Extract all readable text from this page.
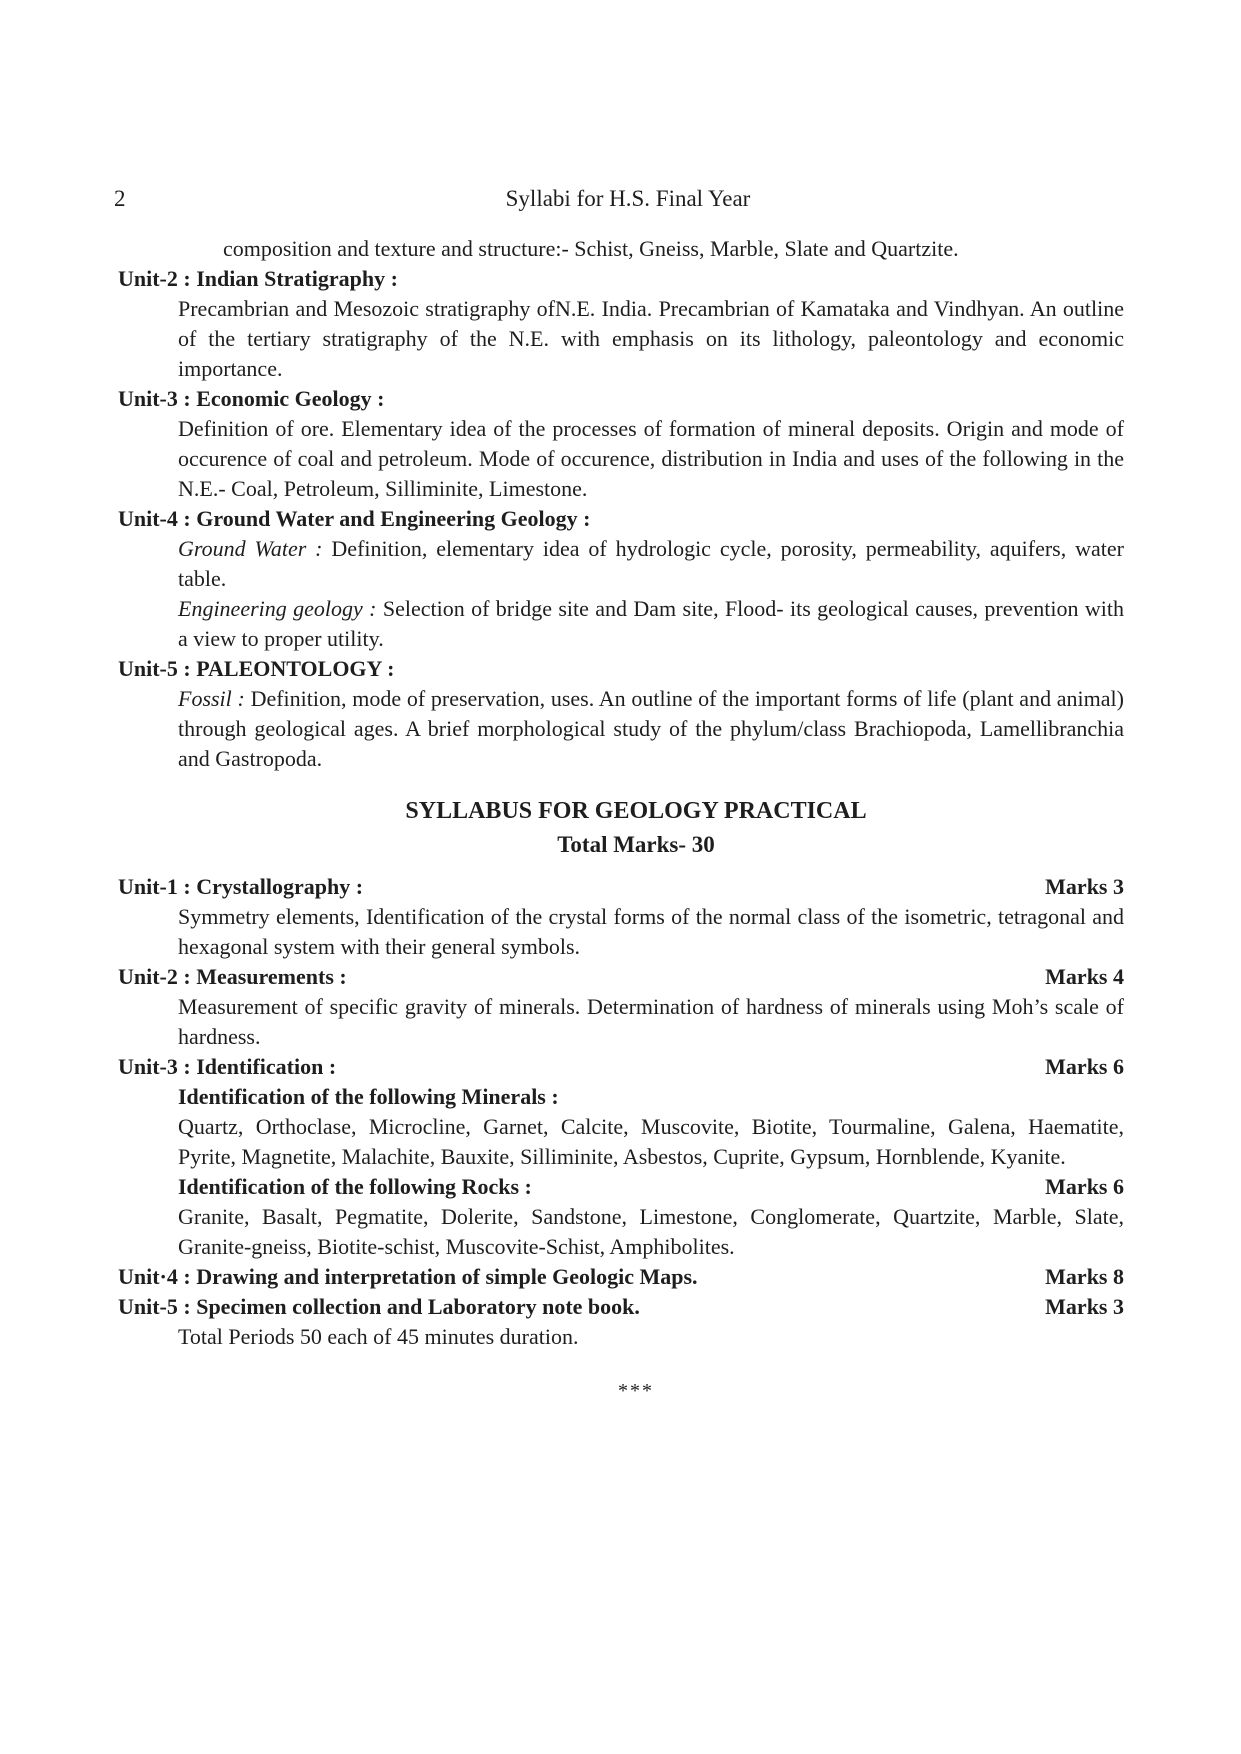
2	Syllabi for H.S. Final Year
composition and texture and structure:- Schist, Gneiss, Marble, Slate and Quartzite.
Unit-2 : Indian Stratigraphy :
Precambrian and Mesozoic stratigraphy ofN.E. India. Precambrian of Kamataka and Vindhyan. An outline of the tertiary stratigraphy of the N.E. with emphasis on its lithology, paleontology and economic importance.
Unit-3 : Economic Geology :
Definition of ore. Elementary idea of the processes of formation of mineral deposits. Origin and mode of occurence of coal and petroleum. Mode of occurence, distribution in India and uses of the following in the N.E.- Coal, Petroleum, Silliminite, Limestone.
Unit-4 : Ground Water and Engineering Geology :
Ground Water : Definition, elementary idea of hydrologic cycle, porosity, permeability, aquifers, water table.
Engineering geology : Selection of bridge site and Dam site, Flood- its geological causes, prevention with a view to proper utility.
Unit-5 : PALEONTOLOGY :
Fossil : Definition, mode of preservation, uses. An outline of the important forms of life (plant and animal) through geological ages. A brief morphological study of the phylum/class Brachiopoda, Lamellibranchia and Gastropoda.
SYLLABUS FOR GEOLOGY PRACTICAL
Total Marks- 30
Unit-1 : Crystallography :	Marks 3
Symmetry elements, Identification of the crystal forms of the normal class of the isometric, tetragonal and hexagonal system with their general symbols.
Unit-2 : Measurements :	Marks 4
Measurement of specific gravity of minerals. Determination of hardness of minerals using Moh’s scale of hardness.
Unit-3 : Identification :	Marks 6
Identification of the following Minerals :
Quartz, Orthoclase, Microcline, Garnet, Calcite, Muscovite, Biotite, Tourmaline, Galena, Haematite, Pyrite, Magnetite, Malachite, Bauxite, Silliminite, Asbestos, Cuprite, Gypsum, Hornblende, Kyanite.
Identification of the following Rocks :	Marks 6
Granite, Basalt, Pegmatite, Dolerite, Sandstone, Limestone, Conglomerate, Quartzite, Marble, Slate, Granite-gneiss, Biotite-schist, Muscovite-Schist, Amphibolites.
Unit·4 : Drawing and interpretation of simple Geologic Maps.	Marks 8
Unit-5 : Specimen collection and Laboratory note book.	Marks 3
Total Periods 50 each of 45 minutes duration.
***
